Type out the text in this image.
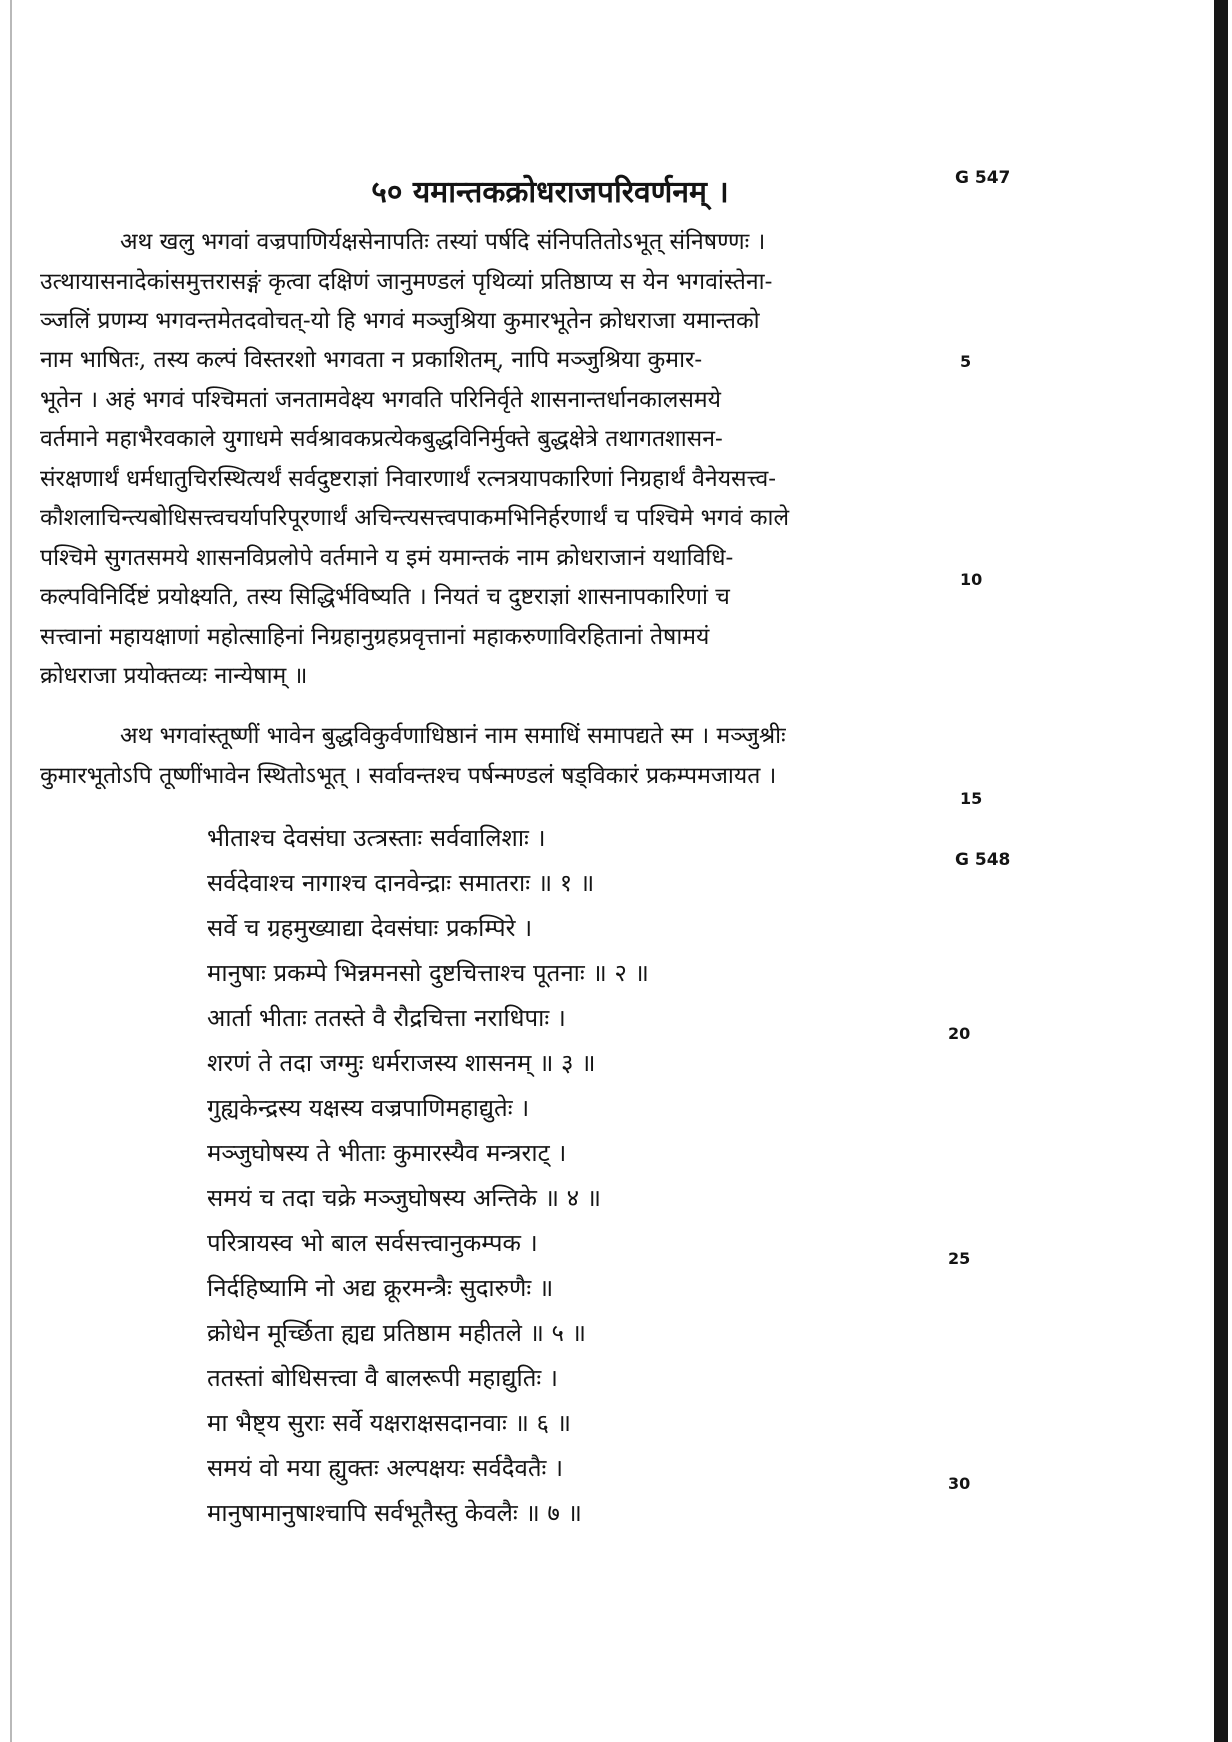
५० यमान्तकक्रोधराजपरिवर्णनम् ।	G 547
G 548
5
10
15
20
25
30
अथ खलु भगवां वज्रपाणिर्यक्षसेनापतिः तस्यां पर्षदि संनिपतितोऽभूत् संनिषण्णः ।
उत्थायासनादेकांसमुत्तरासङ्गं कृत्वा दक्षिणं जानुमण्डलं पृथिव्यां प्रतिष्ठाप्य स येन भगवांस्तेना-
ञ्जलिं प्रणम्य भगवन्तमेतदवोचत्-यो हि भगवं मञ्जुश्रिया कुमारभूतेन क्रोधराजा यमान्तको
नाम भाषितः, तस्य कल्पं विस्तरशो भगवता न प्रकाशितम्, नापि मञ्जुश्रिया कुमार-
भूतेन । अहं भगवं पश्चिमतां जनतामवेक्ष्य भगवति परिनिर्वृते शासनान्तर्धानकालसमये
वर्तमाने महाभैरवकाले युगाधमे सर्वश्रावकप्रत्येकबुद्धविनिर्मुक्ते बुद्धक्षेत्रे तथागतशासन-
संरक्षणार्थं धर्मधातुचिरस्थित्यर्थं सर्वदुष्टराज्ञां निवारणार्थं रत्नत्रयापकारिणां निग्रहार्थं वैनेयसत्त्व-
कौशलाचिन्त्यबोधिसत्त्वचर्यापरिपूरणार्थं अचिन्त्यसत्त्वपाकमभिनिर्हरणार्थं च पश्चिमे भगवं काले
पश्चिमे सुगतसमये शासनविप्रलोपे वर्तमाने य इमं यमान्तकं नाम क्रोधराजानं यथाविधि-
कल्पविनिर्दिष्टं प्रयोक्ष्यति, तस्य सिद्धिर्भविष्यति । नियतं च दुष्टराज्ञां शासनापकारिणां च
सत्त्वानां महायक्षाणां महोत्साहिनां निग्रहानुग्रहप्रवृत्तानां महाकरुणाविरहितानां तेषामयं
क्रोधराजा प्रयोक्तव्यः नान्येषाम् ॥
अथ भगवांस्तूष्णीं भावेन बुद्धविकुर्वणाधिष्ठानं नाम समाधिं समापद्यते स्म । मञ्जुश्रीः
कुमारभूतोऽपि तूष्णींभावेन स्थितोऽभूत् । सर्वावन्तश्च पर्षन्मण्डलं षड्विकारं प्रकम्पमजायत ।
भीताश्च देवसंघा उत्त्रस्ताः सर्ववालिशाः ।
सर्वदेवाश्च नागाश्च दानवेन्द्राः समातराः ॥ १ ॥
सर्वे च ग्रहमुख्याद्या देवसंघाः प्रकम्पिरे ।
मानुषाः प्रकम्पे भिन्नमनसो दुष्टचित्ताश्च पूतनाः ॥ २ ॥
आर्ता भीताः ततस्ते वै रौद्रचित्ता नराधिपाः ।
शरणं ते तदा जग्मुः धर्मराजस्य शासनम् ॥ ३ ॥
गुह्यकेन्द्रस्य यक्षस्य वज्रपाणिमहाद्युतेः ।
मञ्जुघोषस्य ते भीताः कुमारस्यैव मन्त्रराट् ।
समयं च तदा चक्रे मञ्जुघोषस्य अन्तिके ॥ ४ ॥
परित्रायस्व भो बाल सर्वसत्त्वानुकम्पक ।
निर्दहिष्यामि नो अद्य क्रूरमन्त्रैः सुदारुणैः ॥
क्रोधेन मूर्च्छिता ह्यद्य प्रतिष्ठाम महीतले ॥ ५ ॥
ततस्तां बोधिसत्त्वा वै बालरूपी महाद्युतिः ।
मा भैष्ट्य सुराः सर्वे यक्षराक्षसदानवाः ॥ ६ ॥
समयं वो मया ह्युक्तः अल्पक्षयः सर्वदैवतैः ।
मानुषामानुषाश्चापि सर्वभूतैस्तु केवलैः ॥ ७ ॥
